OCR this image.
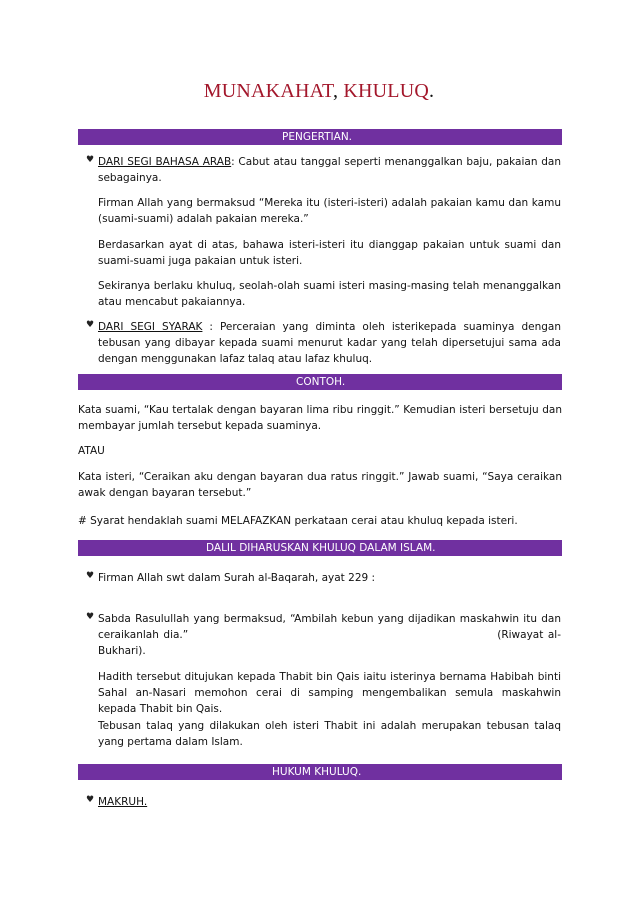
MUNAKAHAT, KHULUQ.
PENGERTIAN.
♥ DARI SEGI BAHASA ARAB: Cabut atau tanggal seperti menanggalkan baju, pakaian dan sebagainya.

Firman Allah yang bermaksud “Mereka itu (isteri-isteri) adalah pakaian kamu dan kamu (suami-suami) adalah pakaian mereka.”

Berdasarkan ayat di atas, bahawa isteri-isteri itu dianggap pakaian untuk suami dan suami-suami juga pakaian untuk isteri.

Sekiranya berlaku khuluq, seolah-olah suami isteri masing-masing telah menanggalkan atau mencabut pakaiannya.

♥ DARI SEGI SYARAK : Perceraian yang diminta oleh isterikepada suaminya dengan tebusan yang dibayar kepada suami menurut kadar yang telah dipersetujui sama ada dengan menggunakan lafaz talaq atau lafaz khuluq.

CONTOH.

Kata suami, “Kau tertalak dengan bayaran lima ribu ringgit.” Kemudian isteri bersetuju dan membayar jumlah tersebut kepada suaminya.

ATAU

Kata isteri, “Ceraikan aku dengan bayaran dua ratus ringgit.” Jawab suami, “Saya ceraikan awak dengan bayaran tersebut.”

# Syarat hendaklah suami MELAFAZKAN perkataan cerai atau khuluq kepada isteri.

DALIL DIHARUSKAN KHULUQ DALAM ISLAM.
♥ Firman Allah swt dalam Surah al-Baqarah, ayat 229 :

♥ Sabda Rasulullah yang bermaksud, “Ambilah kebun yang dijadikan maskahwin itu dan ceraikanlah dia.”	(Riwayat al-Bukhari).

Hadith tersebut ditujukan kepada Thabit bin Qais iaitu isterinya bernama Habibah binti Sahal an-Nasari memohon cerai di samping mengembalikan semula maskahwin kepada Thabit bin Qais.

Tebusan talaq yang dilakukan oleh isteri Thabit ini adalah merupakan tebusan talaq yang pertama dalam Islam.

HUKUM KHULUQ.
♥ MAKRUH.
